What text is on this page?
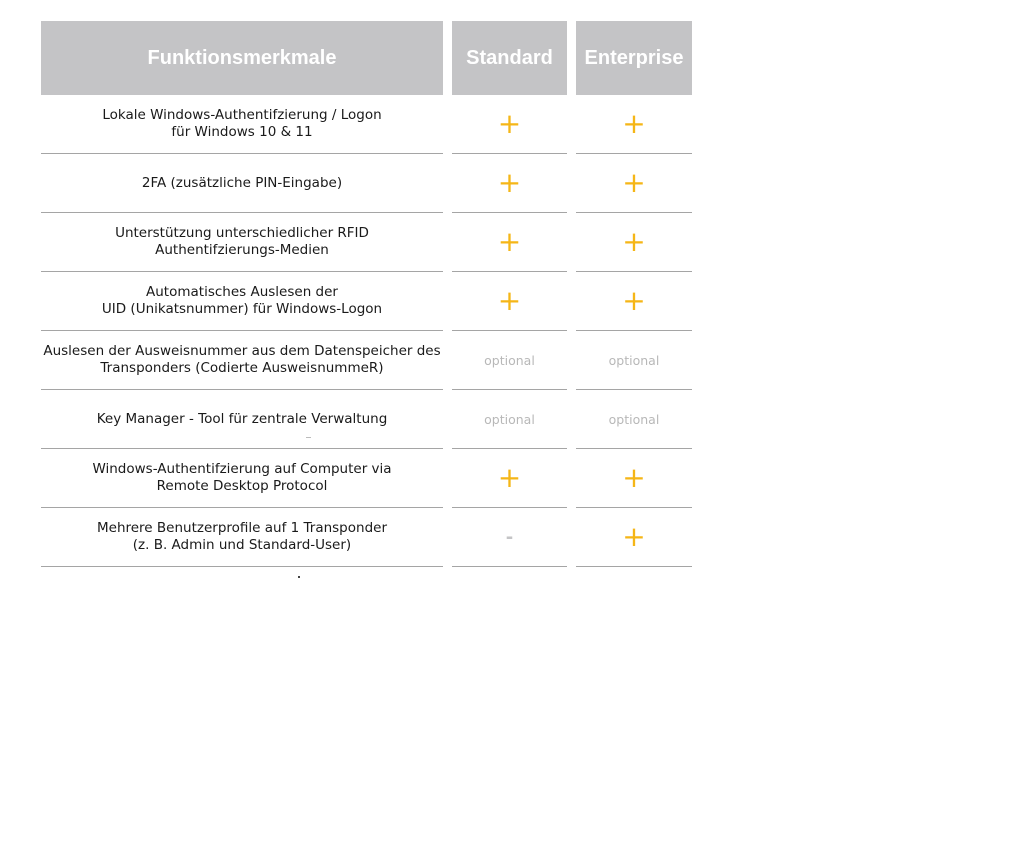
Funktionsmerkmale	Standard Enterprise
Lokale Windows-Authentifzierung / Logon
für Windows 10 & 11	+	+
2FA (zusätzliche PIN-Eingabe)	+	+
Unterstützung unterschiedlicher RFID
Authentifzierungs-Medien	+	+
Automatisches Auslesen der
UID (Unikatsnummer) für Windows-Logon	+	+
Auslesen der Ausweisnummer aus dem Datenspeicher des
Transponders (Codierte AusweisnummeR)	optional	optional
Key Manager - Tool für zentrale Verwaltung	optional	optional
Windows-Authentifzierung auf Computer via
Remote Desktop Protocol	+	+
Mehrere Benutzerprofile auf 1 Transponder
(z. B. Admin und Standard-User)	-	+
